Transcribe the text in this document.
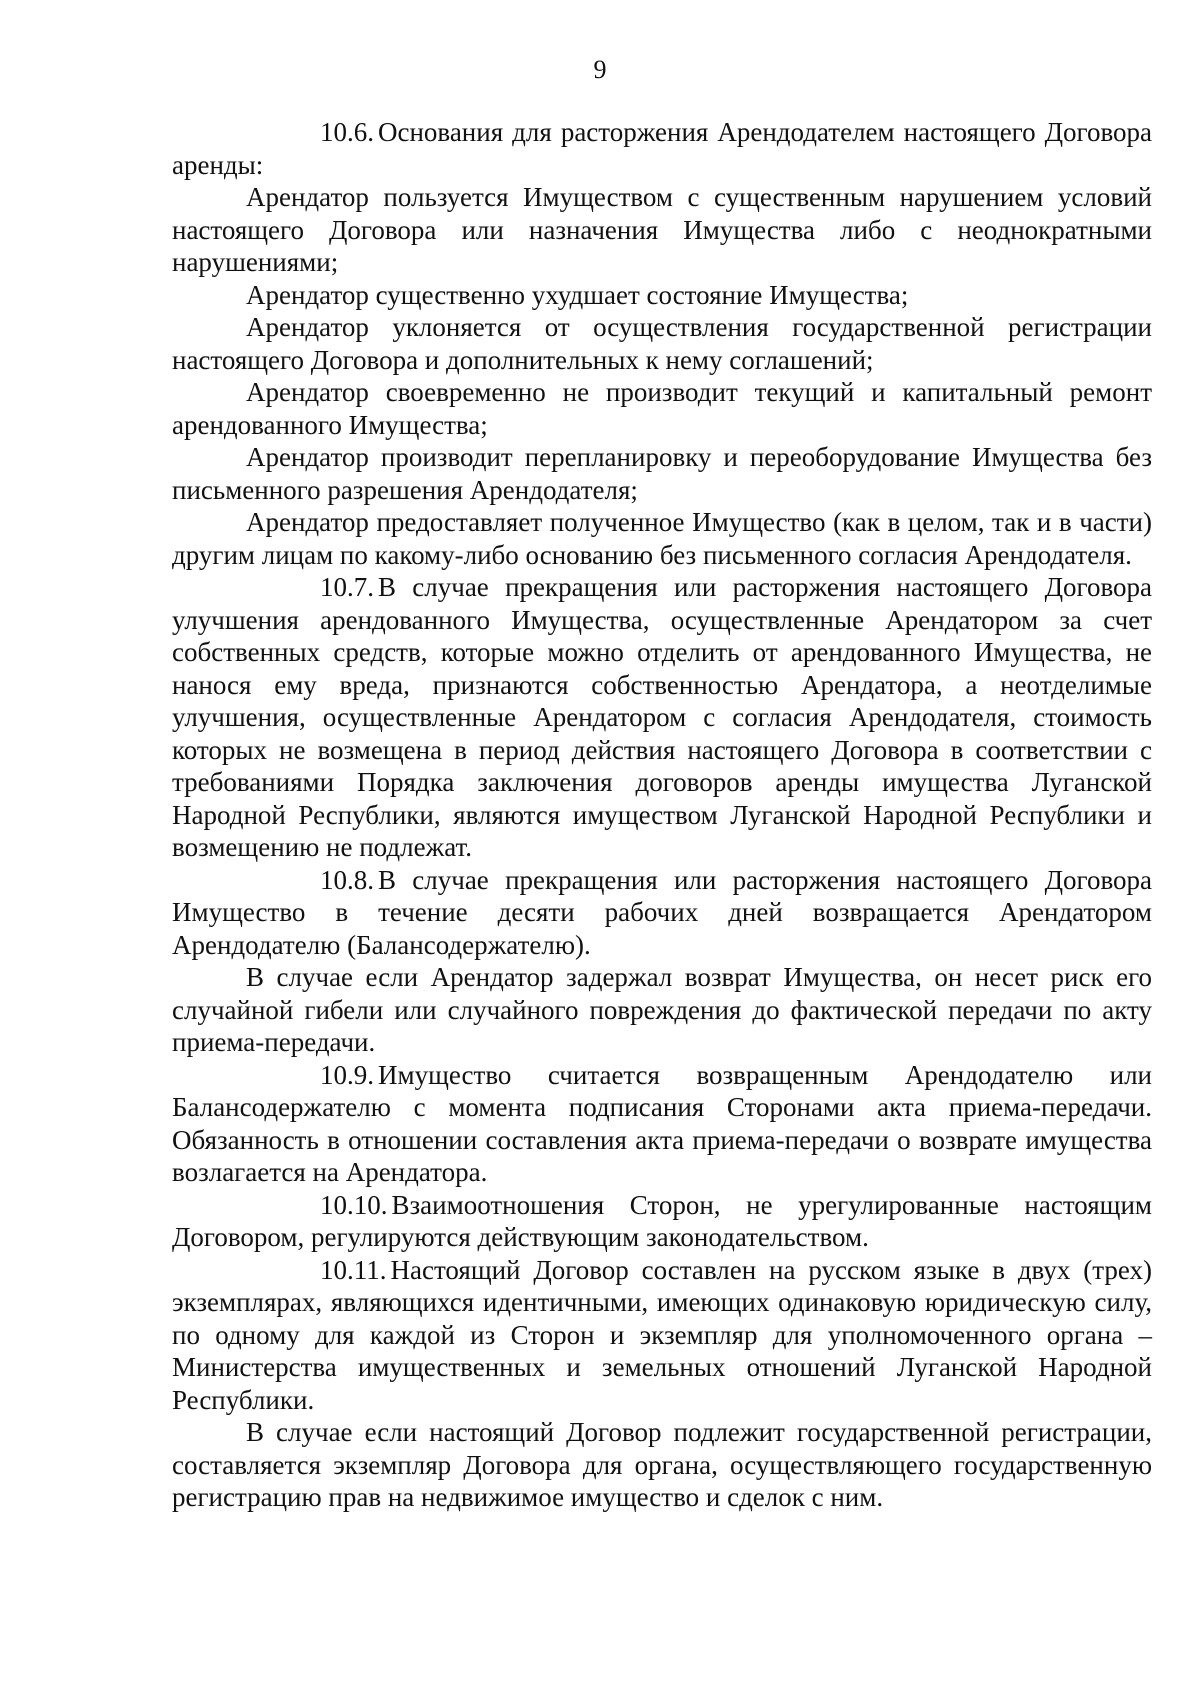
9

10.6. Основания для расторжения Арендодателем настоящего Договора аренды:

Арендатор пользуется Имуществом с существенным нарушением условий настоящего Договора или назначения Имущества либо с неоднократными нарушениями;

Арендатор существенно ухудшает состояние Имущества;

Арендатор уклоняется от осуществления государственной регистрации настоящего Договора и дополнительных к нему соглашений;

Арендатор своевременно не производит текущий и капитальный ремонт арендованного Имущества;

Арендатор производит перепланировку и переоборудование Имущества без письменного разрешения Арендодателя;

Арендатор предоставляет полученное Имущество (как в целом, так и в части) другим лицам по какому-либо основанию без письменного согласия Арендодателя.

10.7. В случае прекращения или расторжения настоящего Договора улучшения арендованного Имущества, осуществленные Арендатором за счет собственных средств, которые можно отделить от арендованного Имущества, не нанося ему вреда, признаются собственностью Арендатора, а неотделимые улучшения, осуществленные Арендатором с согласия Арендодателя, стоимость которых не возмещена в период действия настоящего Договора в соответствии с требованиями Порядка заключения договоров аренды имущества Луганской Народной Республики, являются имуществом Луганской Народной Республики и возмещению не подлежат.

10.8. В случае прекращения или расторжения настоящего Договора Имущество в течение десяти рабочих дней возвращается Арендатором Арендодателю (Балансодержателю).

В случае если Арендатор задержал возврат Имущества, он несет риск его случайной гибели или случайного повреждения до фактической передачи по акту приема-передачи.

10.9. Имущество считается возвращенным Арендодателю или Балансодержателю с момента подписания Сторонами акта приема-передачи. Обязанность в отношении составления акта приема-передачи о возврате имущества возлагается на Арендатора.

10.10. Взаимоотношения Сторон, не урегулированные настоящим Договором, регулируются действующим законодательством.

10.11. Настоящий Договор составлен на русском языке в двух (трех) экземплярах, являющихся идентичными, имеющих одинаковую юридическую силу, по одному для каждой из Сторон и экземпляр для уполномоченного органа – Министерства имущественных и земельных отношений Луганской Народной Республики.

В случае если настоящий Договор подлежит государственной регистрации, составляется экземпляр Договора для органа, осуществляющего государственную регистрацию прав на недвижимое имущество и сделок с ним.
